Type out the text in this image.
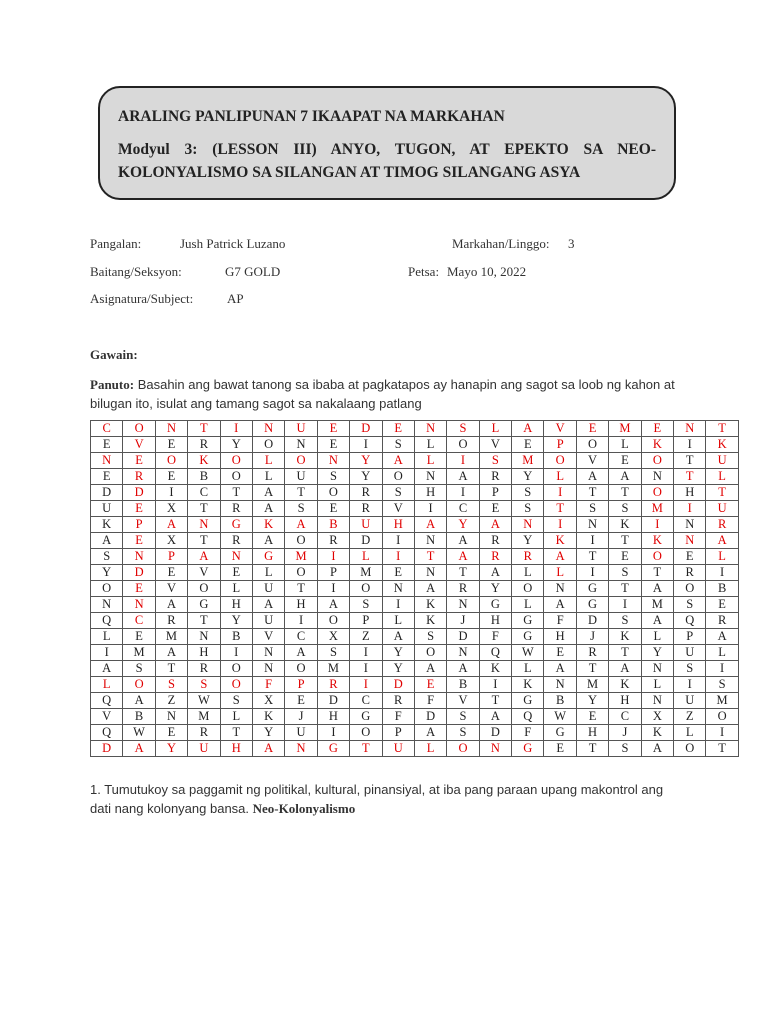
ARALING PANLIPUNAN 7 IKAAPAT NA MARKAHAN
Modyul 3: (LESSON III) ANYO, TUGON, AT EPEKTO SA NEO-KOLONYALISMO SA SILANGAN AT TIMOG SILANGANG ASYA
Pangalan:	Jush Patrick Luzano	Markahan/Linggo: 3
Baitang/Seksyon:	G7 GOLD	Petsa: Mayo 10, 2022
Asignatura/Subject:	AP
Gawain:
Panuto: Basahin ang bawat tanong sa ibaba at pagkatapos ay hanapin ang sagot sa loob ng kahon at bilugan ito, isulat ang tamang sagot sa nakalaang patlang
C	O	N	T	I	N	U	E	D	E	N	S	L	A	V	E	M	E	N	T
E	V	E	R	Y	O	N	E	I	S	L	O	V	E	P	O	L	K	I	K
N	E	O	K	O	L	O	N	Y	A	L	I	S	M	O	V	E	O	T	U
E	R	E	B	O	L	U	S	Y	O	N	A	R	Y	L	A	A	N	T	L
D	D	I	C	T	A	T	O	R	S	H	I	P	S	I	T	T	O	H	T
U	E	X	T	R	A	S	E	R	V	I	C	E	S	T	S	S	M	I	U
K	P	A	N	G	K	A	B	U	H	A	Y	A	N	I	N	K	I	N	R
A	E	X	T	R	A	O	R	D	I	N	A	R	Y	K	I	T	K	N	A
S	N	P	A	N	G	M	I	L	I	T	A	R	R	A	T	E	O	E	L
Y	D	E	V	E	L	O	P	M	E	N	T	A	L	L	I	S	T	R	I
O	E	V	O	L	U	T	I	O	N	A	R	Y	O	N	G	T	A	O	B
N	N	A	G	H	A	H	A	S	I	K	N	G	L	A	G	I	M	S	E
Q	C	R	T	Y	U	I	O	P	L	K	J	H	G	F	D	S	A	Q	R
L	E	M	N	B	V	C	X	Z	A	S	D	F	G	H	J	K	L	P	A
I	M	A	H	I	N	A	S	I	Y	O	N	Q	W	E	R	T	Y	U	L
A	S	T	R	O	N	O	M	I	Y	A	A	K	L	A	T	A	N	S	I
L	O	S	S	O	F	P	R	I	D	E	B	I	K	N	M	K	L	I	S
Q	A	Z	W	S	X	E	D	C	R	F	V	T	G	B	Y	H	N	U	M
V	B	N	M	L	K	J	H	G	F	D	S	A	Q	W	E	C	X	Z	O
Q	W	E	R	T	Y	U	I	O	P	A	S	D	F	G	H	J	K	L	I
D	A	Y	U	H	A	N	G	T	U	L	O	N	G	E	T	S	A	O	T
1. Tumutukoy sa paggamit ng politikal, kultural, pinansiyal, at iba pang paraan upang makontrol ang dati nang kolonyang bansa. Neo-Kolonyalismo
